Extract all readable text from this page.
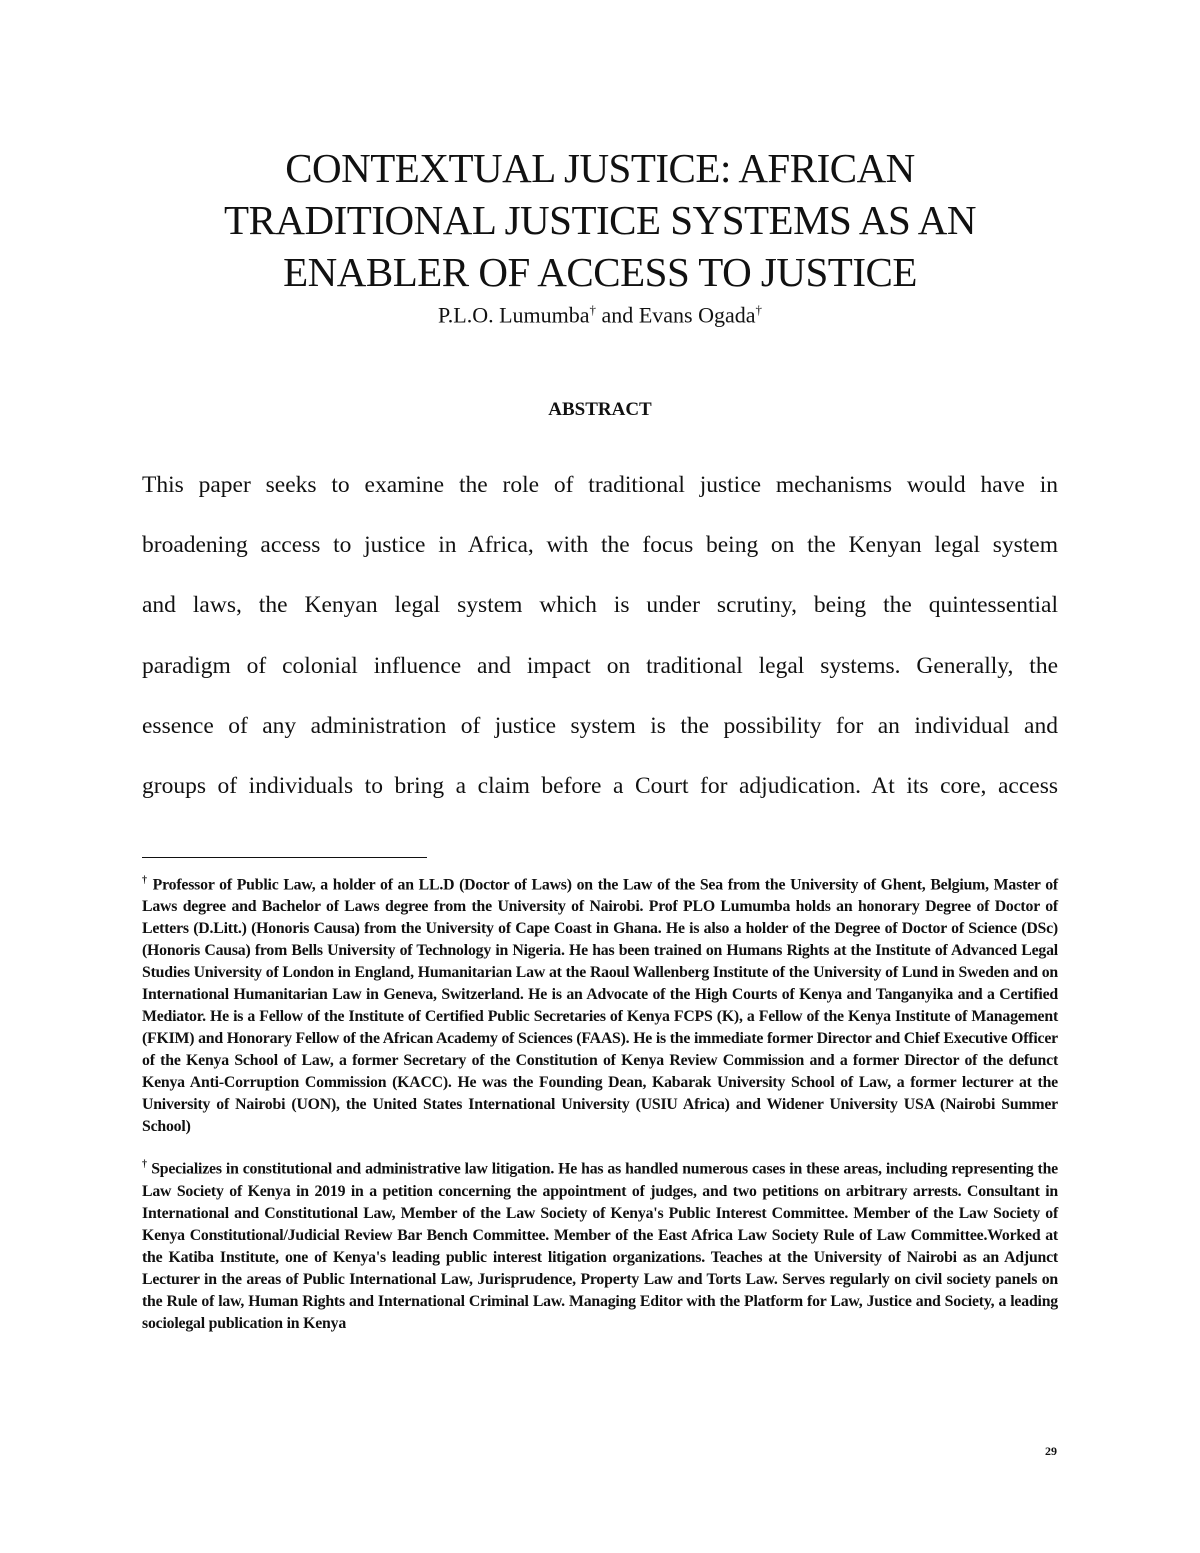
CONTEXTUAL JUSTICE: AFRICAN
TRADITIONAL JUSTICE SYSTEMS AS AN
ENABLER OF ACCESS TO JUSTICE
P.L.O. Lumumba† and Evans Ogada†
ABSTRACT
This paper seeks to examine the role of traditional justice mechanisms would have in
broadening access to justice in Africa, with the focus being on the Kenyan legal system
and laws, the Kenyan legal system which is under scrutiny, being the quintessential
paradigm of colonial influence and impact on traditional legal systems. Generally, the
essence of any administration of justice system is the possibility for an individual and
groups of individuals to bring a claim before a Court for adjudication. At its core, access

† Professor of Public Law, a holder of an LL.D (Doctor of Laws) on the Law of the Sea from the University of Ghent, Belgium, Master of Laws degree and Bachelor of Laws degree from the University of Nairobi. Prof PLO Lumumba holds an honorary Degree of Doctor of Letters (D.Litt.) (Honoris Causa) from the University of Cape Coast in Ghana. He is also a holder of the Degree of Doctor of Science (DSc) (Honoris Causa) from Bells University of Technology in Nigeria. He has been trained on Humans Rights at the Institute of Advanced Legal Studies University of London in England, Humanitarian Law at the Raoul Wallenberg Institute of the University of Lund in Sweden and on International Humanitarian Law in Geneva, Switzerland. He is an Advocate of the High Courts of Kenya and Tanganyika and a Certified Mediator. He is a Fellow of the Institute of Certified Public Secretaries of Kenya FCPS (K), a Fellow of the Kenya Institute of Management (FKIM) and Honorary Fellow of the African Academy of Sciences (FAAS). He is the immediate former Director and Chief Executive Officer of the Kenya School of Law, a former Secretary of the Constitution of Kenya Review Commission and a former Director of the defunct Kenya Anti-Corruption Commission (KACC). He was the Founding Dean, Kabarak University School of Law, a former lecturer at the University of Nairobi (UON), the United States International University (USIU Africa) and Widener University USA (Nairobi Summer School)

† Specializes in constitutional and administrative law litigation. He has as handled numerous cases in these areas, including representing the Law Society of Kenya in 2019 in a petition concerning the appointment of judges, and two petitions on arbitrary arrests. Consultant in International and Constitutional Law, Member of the Law Society of Kenya's Public Interest Committee. Member of the Law Society of Kenya Constitutional/Judicial Review Bar Bench Committee. Member of the East Africa Law Society Rule of Law Committee.Worked at the Katiba Institute, one of Kenya's leading public interest litigation organizations. Teaches at the University of Nairobi as an Adjunct Lecturer in the areas of Public International Law, Jurisprudence, Property Law and Torts Law. Serves regularly on civil society panels on the Rule of law, Human Rights and International Criminal Law. Managing Editor with the Platform for Law, Justice and Society, a leading sociolegal publication in Kenya

29
